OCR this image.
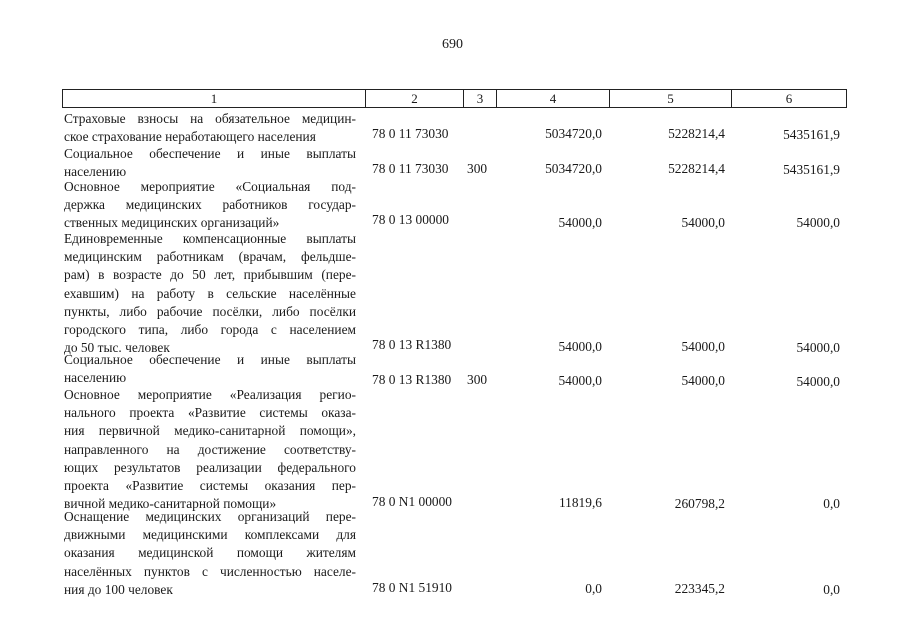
690
1	2	3	4	5	6
Страховые взносы на обязательное медицин-
ское страхование неработающего населения	78 0 11 73030	5034720,0	5228214,4	5435161,9
Социальное обеспечение и иные выплаты
населению	78 0 11 73030 300	5034720,0	5228214,4	5435161,9
Основное мероприятие «Социальная под-
держка медицинских работников государ-
ственных медицинских организаций»	78 0 13 00000	54000,0	54000,0	54000,0
Единовременные компенсационные выплаты
медицинским работникам (врачам, фельдше-
рам) в возрасте до 50 лет, прибывшим (пере-
ехавшим) на работу в сельские населённые
пункты, либо рабочие посёлки, либо посёлки
городского типа, либо города с населением
до 50 тыс. человек	78 0 13 R1380	54000,0	54000,0	54000,0
Социальное обеспечение и иные выплаты
населению	78 0 13 R1380 300	54000,0	54000,0	54000,0
Основное мероприятие «Реализация регио-
нального проекта «Развитие системы оказа-
ния первичной медико-санитарной помощи»,
направленного на достижение соответству-
ющих результатов реализации федерального
проекта «Развитие системы оказания пер-
вичной медико-санитарной помощи»	78 0 N1 00000	11819,6	260798,2	0,0
Оснащение медицинских организаций пере-
движными медицинскими комплексами для
оказания медицинской помощи жителям
населённых пунктов с численностью населе-
ния до 100 человек	78 0 N1 51910	0,0	223345,2	0,0
